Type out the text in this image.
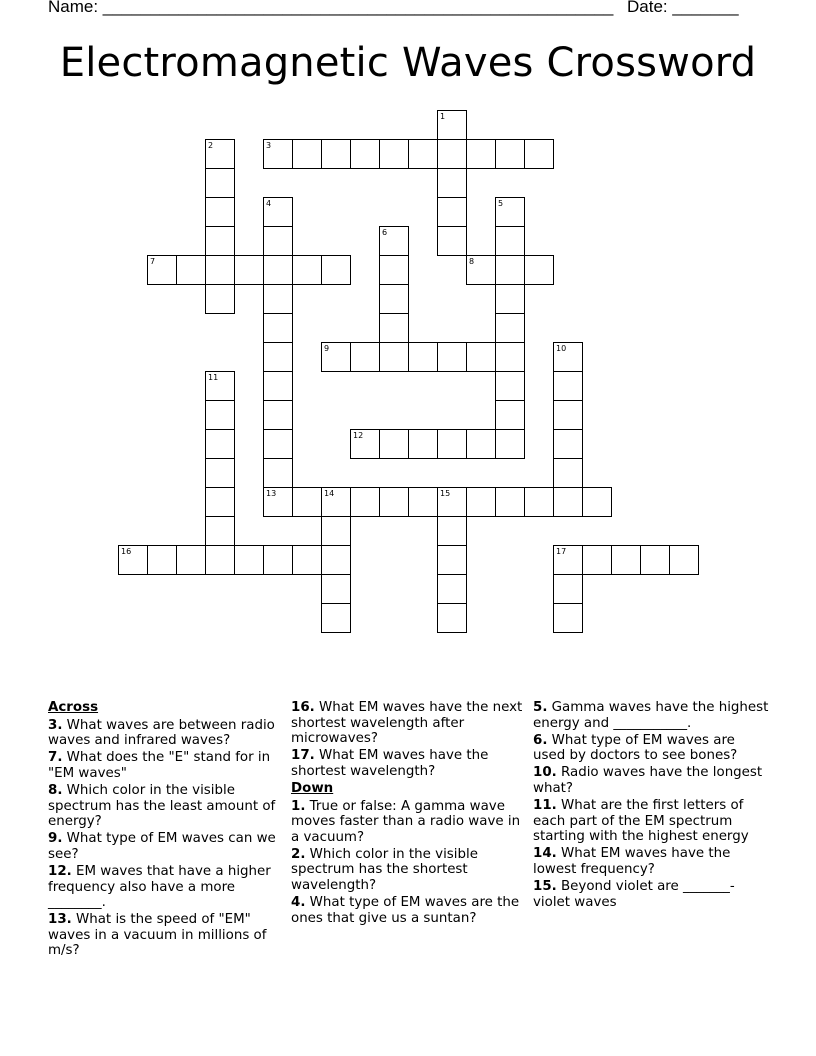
Name: ______________________________________________________ Date: _______
Electromagnetic Waves Crossword
1
2	3
4	5
6
7	8
9	10
11
12
13	14	15
16	17

Across

3. What waves are between radio waves and infrared waves?

7. What does the "E" stand for in "EM waves"

8. Which color in the visible spectrum has the least amount of energy?

9. What type of EM waves can we see?

12. EM waves that have a higher frequency also have a more ________.

13. What is the speed of "EM" waves in a vacuum in millions of m/s?

16. What EM waves have the next shortest wavelength after microwaves?

17. What EM waves have the shortest wavelength?

Down

1. True or false: A gamma wave moves faster than a radio wave in a vacuum?

2. Which color in the visible spectrum has the shortest wavelength?

4. What type of EM waves are the ones that give us a suntan?

5. Gamma waves have the highest energy and ___________.

6. What type of EM waves are used by doctors to see bones?

10. Radio waves have the longest what?

11. What are the first letters of each part of the EM spectrum starting with the highest energy

14. What EM waves have the lowest frequency?

15. Beyond violet are _______-violet waves
